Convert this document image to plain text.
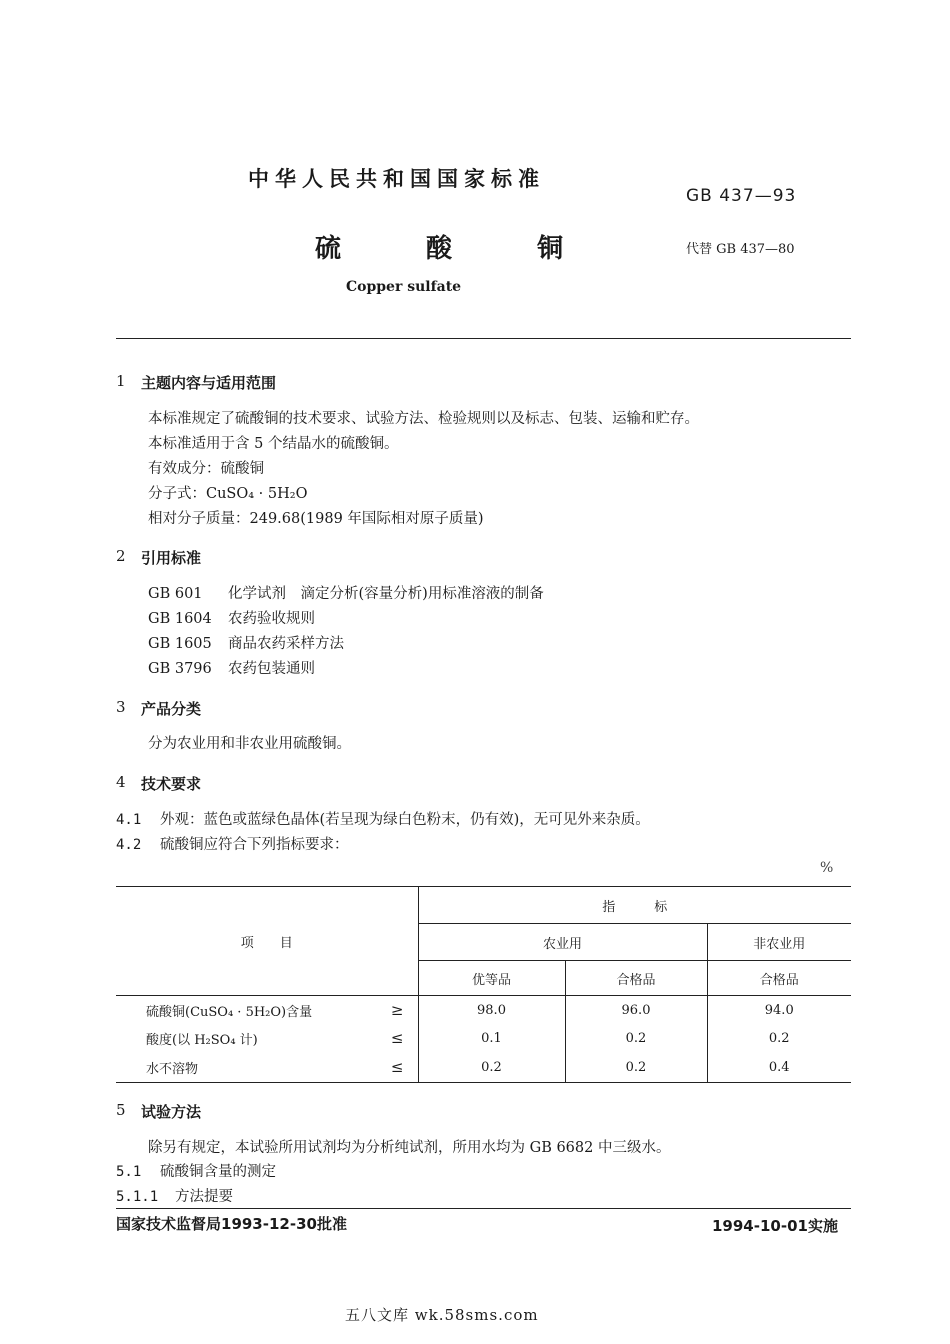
中华人民共和国国家标准
GB 437—93
硫 酸 铜	代替 GB 437—80
Copper sulfate
1 主题内容与适用范围
本标准规定了硫酸铜的技术要求、试验方法、检验规则以及标志、包装、运输和贮存。
本标准适用于含 5 个结晶水的硫酸铜。
有效成分：硫酸铜
分子式：CuSO₄ · 5H₂O
相对分子质量：249.68(1989 年国际相对原子质量)
2 引用标准
GB 601 化学试剂　滴定分析(容量分析)用标准溶液的制备
GB 1604 农药验收规则
GB 1605 商品农药采样方法
GB 3796 农药包装通则
3 产品分类
分为农业用和非农业用硫酸铜。
4 技术要求
4.1 外观：蓝色或蓝绿色晶体(若呈现为绿白色粉末，仍有效)，无可见外来杂质。
4.2 硫酸铜应符合下列指标要求：
%
项　　目	指　　　标		
	农业用		非农业用
	优等品	合格品	合格品
硫酸铜(CuSO₄ · 5H₂O)含量 ≥	98.0	96.0	94.0
酸度(以 H₂SO₄ 计) ≤	0.1	0.2	0.2
水不溶物 ≤	0.2	0.2	0.4
5 试验方法
除另有规定，本试验所用试剂均为分析纯试剂，所用水均为 GB 6682 中三级水。
5.1 硫酸铜含量的测定
5.1.1 方法提要
国家技术监督局1993-12-30批准	1994-10-01实施
五八文库 wk.58sms.com
